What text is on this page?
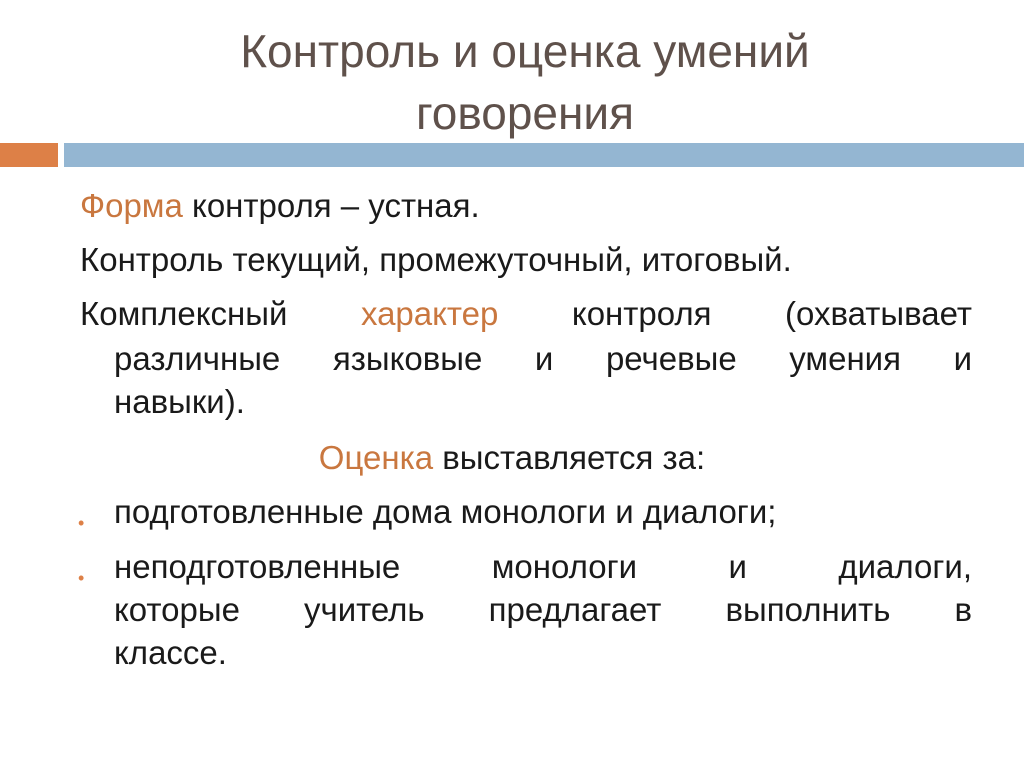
Контроль и оценка умений
говорения
Форма контроля – устная.
Контроль текущий, промежуточный, итоговый.
Комплексный характер контроля (охватывает
различные языковые и речевые умения и
навыки).
Оценка выставляется за:
• подготовленные дома монологи и диалоги;
• неподготовленные	монологи	и	диалоги,
которые учитель предлагает выполнить в
классе.
